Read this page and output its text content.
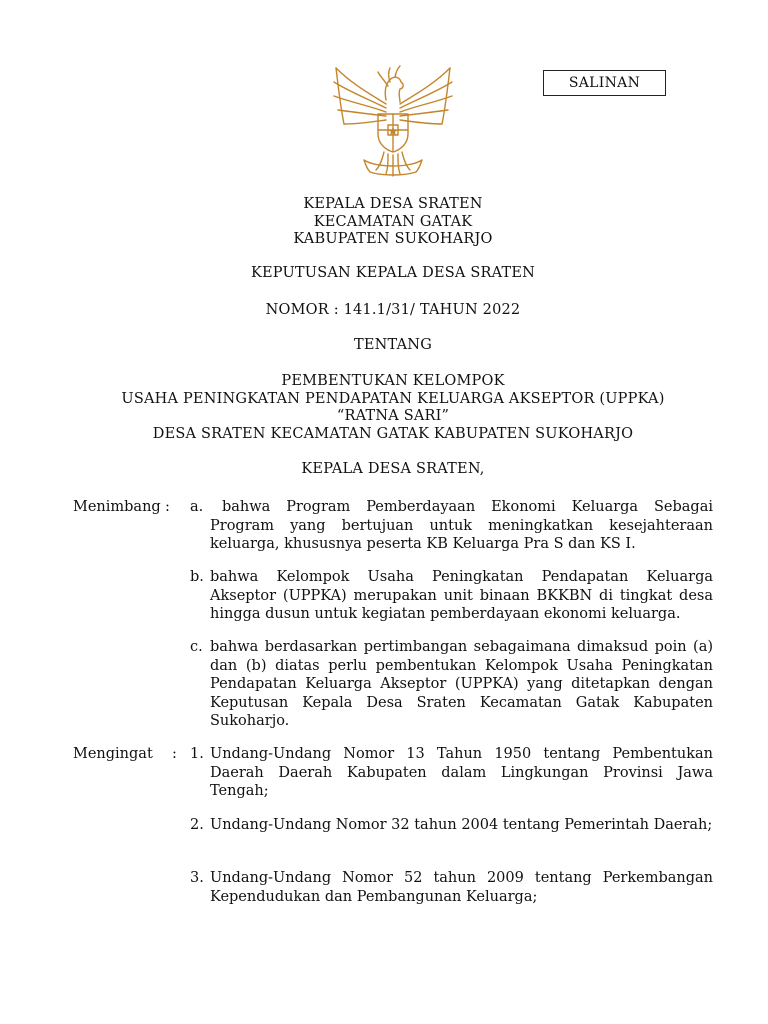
SALINAN
KEPALA DESA SRATEN
KECAMATAN GATAK
KABUPATEN SUKOHARJO
KEPUTUSAN KEPALA DESA SRATEN
NOMOR : 141.1/31/ TAHUN 2022
TENTANG
PEMBENTUKAN KELOMPOK
USAHA PENINGKATAN PENDAPATAN KELUARGA AKSEPTOR (UPPKA)
“RATNA SARI”
DESA SRATEN KECAMATAN GATAK KABUPATEN SUKOHARJO
KEPALA DESA SRATEN,
Menimbang : a.	bahwa Program Pemberdayaan Ekonomi Keluarga Sebagai Program yang bertujuan untuk meningkatkan kesejahteraan keluarga, khususnya peserta KB Keluarga Pra S dan KS I.
b. bahwa Kelompok Usaha Peningkatan Pendapatan Keluarga Akseptor (UPPKA) merupakan unit binaan BKKBN di tingkat desa hingga dusun untuk kegiatan pemberdayaan ekonomi keluarga.
c. bahwa berdasarkan pertimbangan sebagaimana dimaksud poin (a) dan (b) diatas perlu pembentukan Kelompok Usaha Peningkatan Pendapatan Keluarga Akseptor (UPPKA) yang ditetapkan dengan Keputusan Kepala Desa Sraten Kecamatan Gatak Kabupaten Sukoharjo.
Mengingat : 1. Undang-Undang Nomor 13 Tahun 1950 tentang Pembentukan Daerah Daerah Kabupaten dalam Lingkungan Provinsi Jawa Tengah;
2. Undang-Undang Nomor 32 tahun 2004 tentang Pemerintah Daerah;
3. Undang-Undang Nomor 52 tahun 2009 tentang Perkembangan Kependudukan dan Pembangunan Keluarga;
